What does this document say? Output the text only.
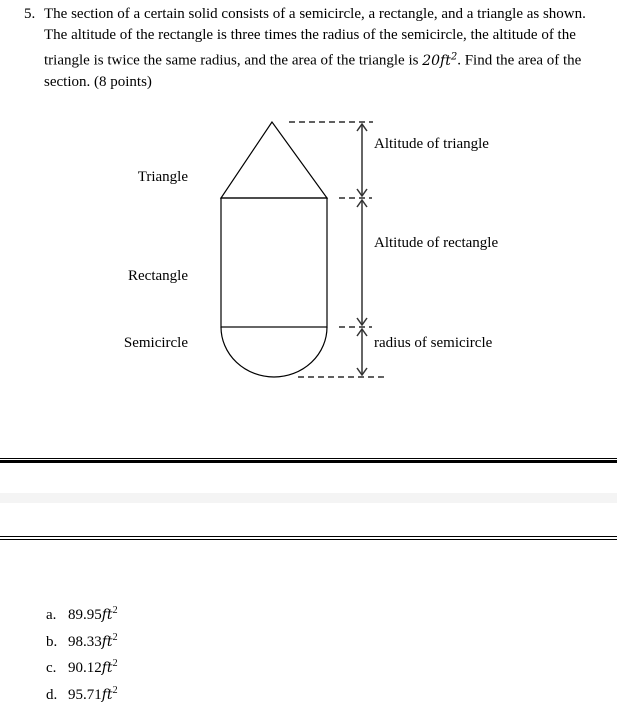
5. The section of a certain solid consists of a semicircle, a rectangle, and a triangle as shown. The altitude of the rectangle is three times the radius of the semicircle, the altitude of the triangle is twice the same radius, and the area of the triangle is $20ft^2$. Find the area of the section. (8 points)
Triangle
Rectangle
Semicircle
Altitude of triangle
Altitude of rectangle
radius of semicircle
a. $89.95ft^2$
b. $98.33ft^2$
c. $90.12ft^2$
d. $95.71ft^2$
